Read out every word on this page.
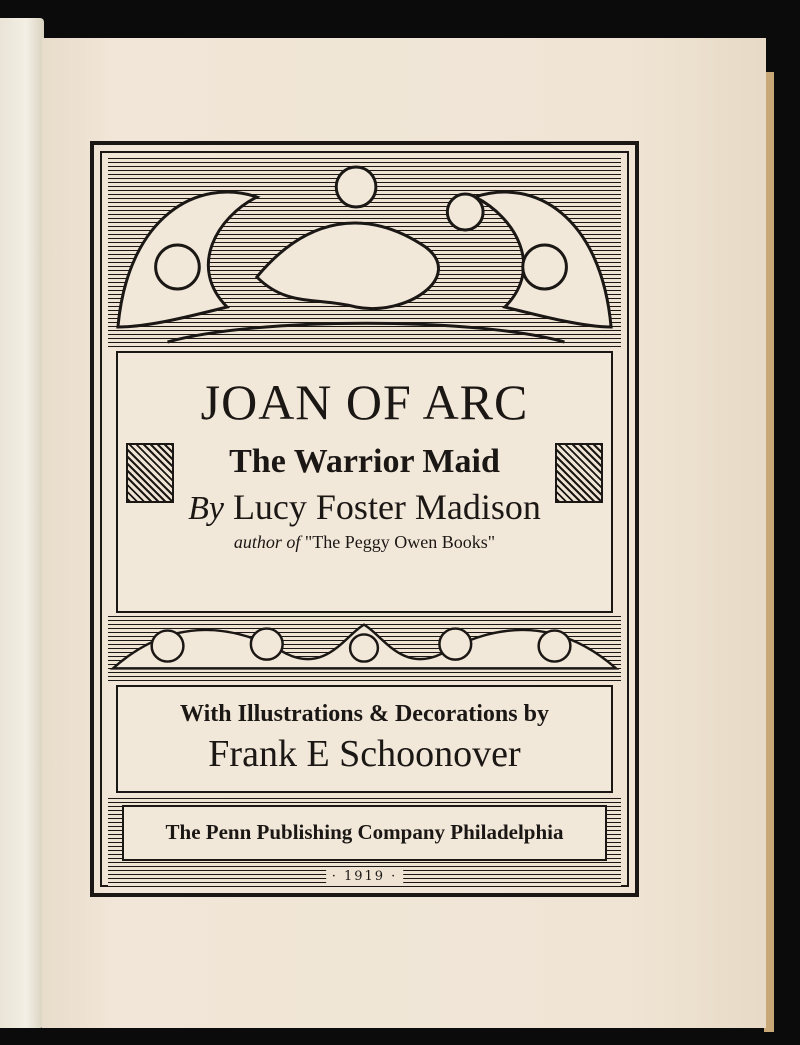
JOAN OF ARC
The Warrior Maid
By Lucy Foster Madison
author of "The Peggy Owen Books"
With Illustrations & Decorations by
Frank E Schoonover
The Penn Publishing Company Philadelphia
· 1919 ·
